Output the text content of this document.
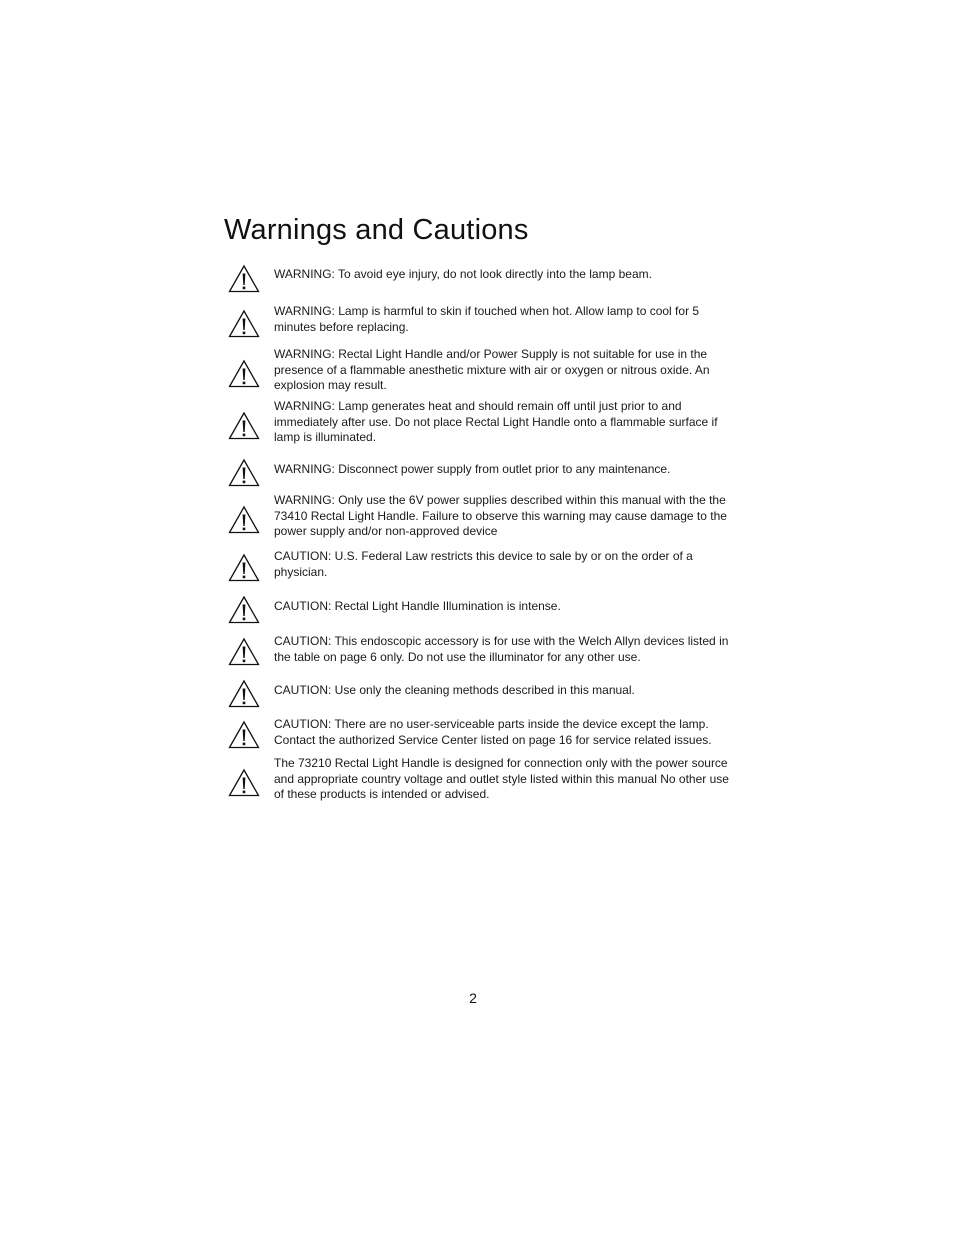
Warnings and Cautions
WARNING: To avoid eye injury, do not look directly into the lamp beam.
WARNING: Lamp is harmful to skin if touched when hot. Allow lamp to cool for 5 minutes before replacing.
WARNING: Rectal Light Handle and/or Power Supply is not suitable for use in the presence of a flammable anesthetic mixture with air or oxygen or nitrous oxide. An explosion may result.
WARNING: Lamp generates heat and should remain off until just prior to and immediately after use. Do not place Rectal Light Handle onto a flammable surface if lamp is illuminated.
WARNING: Disconnect power supply from outlet prior to any maintenance.
WARNING: Only use the 6V power supplies described within this manual with the the 73410 Rectal Light Handle. Failure to observe this warning may cause damage to the power supply and/or non-approved device
CAUTION: U.S. Federal Law restricts this device to sale by or on the order of a physician.
CAUTION: Rectal Light Handle Illumination is intense.
CAUTION: This endoscopic accessory is for use with the Welch Allyn devices listed in the table on page 6 only. Do not use the illuminator for any other use.
CAUTION: Use only the cleaning methods described in this manual.
CAUTION: There are no user-serviceable parts inside the device except the lamp. Contact the authorized Service Center listed on page 16 for service related issues.
The 73210 Rectal Light Handle is designed for connection only with the power source and appropriate country voltage and outlet style listed within this manual No other use of these products is intended or advised.
2
